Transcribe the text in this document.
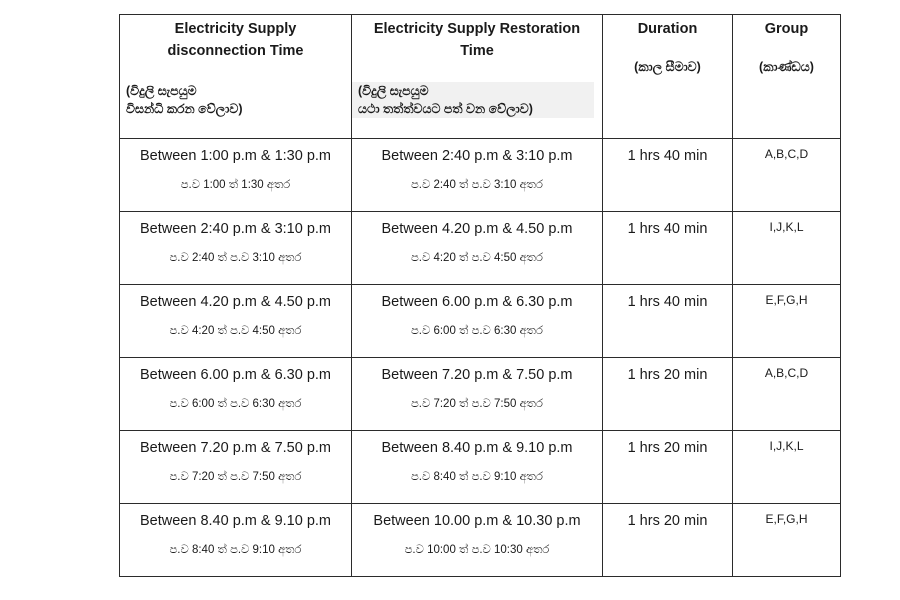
Electricity Supply disconnection Time
(විදුලි සැපයුම
විසන්ධි කරන වේලාව)	Electricity Supply Restoration Time
(විදුලි සැපයුම
යථා තත්ත්වයට පත් වන වේලාව)	Duration
(කාල සීමාව)	Group
(කාණ්ඩය)

Between 1:00 p.m & 1:30 p.m
ප.ව 1:00 ත් 1:30 අතර	Between 2:40 p.m & 3:10 p.m
ප.ව 2:40 ත් ප.ව 3:10 අතර	1 hrs 40 min	A,B,C,D

Between 2:40 p.m & 3:10 p.m
ප.ව 2:40 ත් ප.ව 3:10 අතර	Between 4.20 p.m & 4.50 p.m
ප.ව 4:20 ත් ප.ව 4:50 අතර	1 hrs 40 min	I,J,K,L

Between 4.20 p.m & 4.50 p.m
ප.ව 4:20 ත් ප.ව 4:50 අතර	Between 6.00 p.m & 6.30 p.m
ප.ව 6:00 ත් ප.ව 6:30 අතර	1 hrs 40 min	E,F,G,H

Between 6.00 p.m & 6.30 p.m
ප.ව 6:00 ත් ප.ව 6:30 අතර	Between 7.20 p.m & 7.50 p.m
ප.ව 7:20 ත් ප.ව 7:50 අතර	1 hrs 20 min	A,B,C,D

Between 7.20 p.m & 7.50 p.m
ප.ව 7:20 ත් ප.ව 7:50 අතර	Between 8.40 p.m & 9.10 p.m
ප.ව 8:40 ත් ප.ව 9:10 අතර	1 hrs 20 min	I,J,K,L

Between 8.40 p.m & 9.10 p.m
ප.ව 8:40 ත් ප.ව 9:10 අතර	Between 10.00 p.m & 10.30 p.m
ප.ව 10:00 ත් ප.ව 10:30 අතර	1 hrs 20 min	E,F,G,H
